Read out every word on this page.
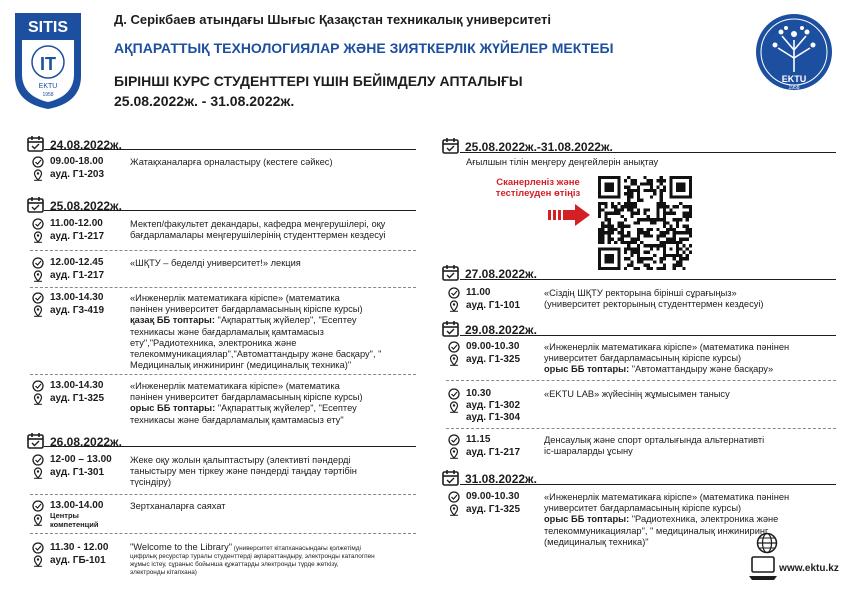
SITIS
IT
EKTU
1958
EKTU
1958
Д. Серікбаев атындағы Шығыс Қазақстан техникалық университеті
АҚПАРАТТЫҚ ТЕХНОЛОГИЯЛАР ЖӘНЕ ЗИЯТКЕРЛІК ЖҮЙЕЛЕР МЕКТЕБІ
БІРІНШІ КУРС СТУДЕНТТЕРІ ҮШІН БЕЙІМДЕЛУ АПТАЛЫҒЫ
25.08.2022ж. - 31.08.2022ж.
24.08.2022ж.
09.00-18.00
ауд. Г1-203
Жатақханаларға орналастыру (кестеге сәйкес)
25.08.2022ж.
11.00-12.00
ауд. Г1-217
Мектеп/факультет декандары, кафедра меңгерушілері, оқу
бағдарламалары меңгерушілерінің студенттермен кездесуі
12.00-12.45
ауд. Г1-217
«ШҚТУ – беделді университет!» лекция
13.00-14.30
ауд. Г3-419
«Инженерлік математикаға кіріспе» (математика
пәнінен университет бағдарламасының кіріспе курсы)
қазақ ББ топтары: "Ақпараттық жүйелер", "Есептеу
техникасы және бағдарламалық қамтамасыз
ету","Радиотехника, электроника және
телекоммуникациялар","Автоматтандыру және басқару", "
Медициналық инжиниринг (медициналық техника)"
13.00-14.30
ауд. Г1-325
«Инженерлік математикаға кіріспе» (математика
пәнінен университет бағдарламасының кіріспе курсы)
орыс ББ топтары: "Ақпараттық жүйелер", "Есептеу
техникасы және бағдарламалық қамтамасыз ету"
26.08.2022ж.
12-00 – 13.00
ауд. Г1-301
Жеке оқу жолын қалыптастыру (элективті пәндерді
таныстыру мен тіркеу және пәндерді таңдау тәртібін
түсіндіру)
13.00-14.00
Центры
компетенций
Зертханаларға саяхат
11.30 - 12.00
ауд. ГБ-101
"Welcome to the Library" (университет кітапханасындағы қолжетімді
цифрлық ресурстар туралы студенттерді ақпараттандыру, электронды каталогпен
жұмыс істеу, сұраныс бойынша құжаттарды электронды түрде жеткізу,
электронды кітапхана)
25.08.2022ж.-31.08.2022ж.
Ағылшын тілін меңгеру деңгейлерін анықтау
Сканерленіз және
тестілеуден өтіңіз
27.08.2022ж.
11.00
ауд. Г1-101
«Сіздің ШҚТУ ректорына бірінші сұрағыңыз»
(университет ректорының студенттермен кездесуі)
29.08.2022ж.
09.00-10.30
ауд. Г1-325
«Инженерлік математикаға кіріспе» (математика пәнінен
университет бағдарламасының кіріспе курсы)
орыс ББ топтары: "Автоматтандыру және басқару»
10.30
ауд. Г1-302
ауд. Г1-304
«EKTU LAB» жүйесінің жұмысымен танысу
11.15
ауд. Г1-217
Денсаулық және спорт орталығында альтернативті
іс-шараларды ұсыну
31.08.2022ж.
09.00-10.30
ауд. Г1-325
«Инженерлік математикаға кіріспе» (математика пәнінен
университет бағдарламасының кіріспе курсы)
орыс ББ топтары: "Радиотехника, электроника және
телекоммуникациялар", " медициналық инжиниринг
(медициналық техника)"
www.ektu.kz
